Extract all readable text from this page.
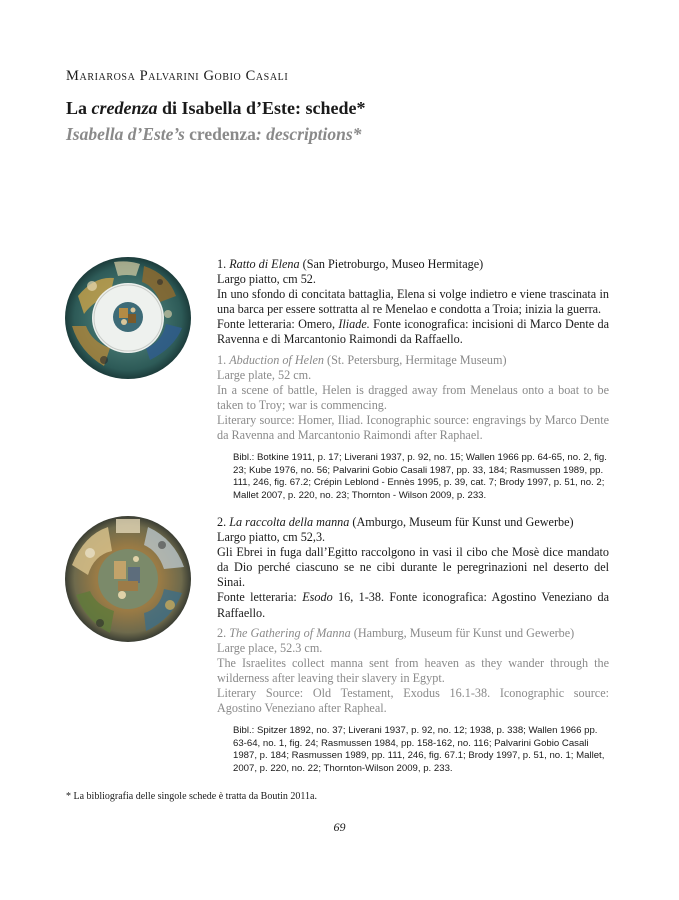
Mariarosa Palvarini Gobio Casali
La credenza di Isabella d’Este: schede*
Isabella d’Este’s credenza: descriptions*

1. Ratto di Elena (San Pietroburgo, Museo Hermitage)

Largo piatto, cm 52.

In uno sfondo di concitata battaglia, Elena si volge indietro e viene trascinata in una barca per essere sottratta al re Menelao e condotta a Troia; inizia la guerra.

Fonte letteraria: Omero, Iliade. Fonte iconografica: incisioni di Marco Dente da Ravenna e di Marcantonio Raimondi da Raffaello.

1. Abduction of Helen (St. Petersburg, Hermitage Museum)

Large plate, 52 cm.

In a scene of battle, Helen is dragged away from Menelaus onto a boat to be taken to Troy; war is commencing.

Literary source: Homer, Iliad. Iconographic source: engravings by Marco Dente da Ravenna and Marcantonio Raimondi after Raphael.

Bibl.: Botkine 1911, p. 17; Liverani 1937, p. 92, no. 15; Wallen 1966 pp. 64-65, no. 2, fig. 23; Kube 1976, no. 56; Palvarini Gobio Casali 1987, pp. 33, 184; Rasmussen 1989, pp. 111, 246, fig. 67.2; Crépin Leblond - Ennès 1995, p. 39, cat. 7; Brody 1997, p. 51, no. 2; Mallet 2007, p. 220, no. 23; Thornton - Wilson 2009, p. 233.

2. La raccolta della manna (Amburgo, Museum für Kunst und Gewerbe)

Largo piatto, cm 52,3.

Gli Ebrei in fuga dall’Egitto raccolgono in vasi il cibo che Mosè dice mandato da Dio perché ciascuno se ne cibi durante le peregrinazioni nel deserto del Sinai.

Fonte letteraria: Esodo 16, 1-38. Fonte iconografica: Agostino Veneziano da Raffaello.

2. The Gathering of Manna (Hamburg, Museum für Kunst und Gewerbe)

Large place, 52.3 cm.

The Israelites collect manna sent from heaven as they wander through the wilderness after leaving their slavery in Egypt.

Literary Source: Old Testament, Exodus 16.1-38. Iconographic source: Agostino Veneziano after Rapheal.

Bibl.: Spitzer 1892, no. 37; Liverani 1937, p. 92, no. 12; 1938, p. 338; Wallen 1966 pp. 63-64, no. 1, fig. 24; Rasmussen 1984, pp. 158-162, no. 116; Palvarini Gobio Casali 1987, p. 184; Rasmussen 1989, pp. 111, 246, fig. 67.1; Brody 1997, p. 51, no. 1; Mallet, 2007, p. 220, no. 22; Thornton-Wilson 2009, p. 233.

* La bibliografia delle singole schede è tratta da Boutin 2011a.
69
